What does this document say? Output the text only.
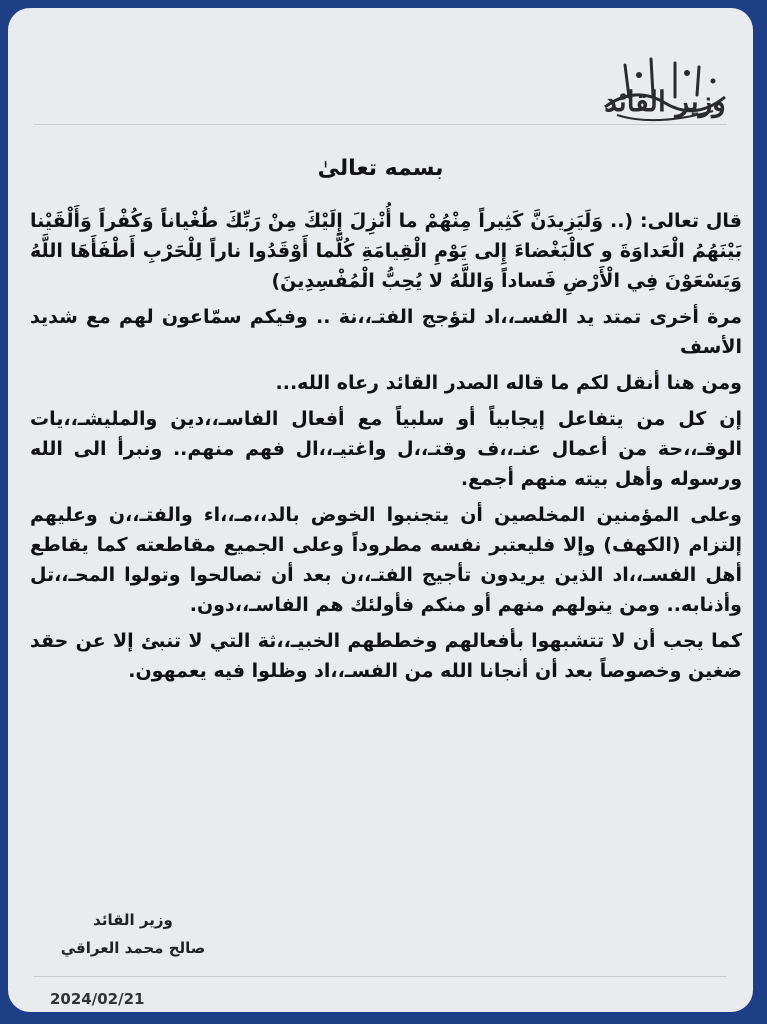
وزير القائد
بسمه تعالیٰ

قال تعالى: (.. وَلَيَزِيدَنَّ كَثِيراً مِنْهُمْ ما أُنْزِلَ إِلَيْكَ مِنْ رَبِّكَ طُغْياناً وَكُفْراً وَأَلْقَيْنا بَيْنَهُمُ الْعَداوَةَ و كالْبَغْضاءَ إِلى يَوْمِ الْقِيامَةِ كُلَّما أَوْقَدُوا ناراً لِلْحَرْبِ أَطْفَأَهَا اللَّهُ وَيَسْعَوْنَ فِي الْأَرْضِ فَساداً وَاللَّهُ لا يُحِبُّ الْمُفْسِدِينَ)

مرة أخرى تمتد يد الفسـ،،اد لتؤجج الفتـ،،نة .. وفيكم سمّاعون لهم مع شديد الأسف

ومن هنا أنقل لكم ما قاله الصدر القائد رعاه الله...

إن كل من يتفاعل إيجابياً أو سلبياً مع أفعال الفاسـ،،دين والمليشـ،،يات الوقـ،،حة من أعمال عنـ،،ف وقتـ،،ل واغتيـ،،ال فهم منهم.. ونبرأ الى الله ورسوله وأهل بيته منهم أجمع.

وعلى المؤمنين المخلصين أن يتجنبوا الخوض بالد،،مـ،،اء والفتـ،،ن وعليهم إلتزام (الكهف) وإلا فليعتبر نفسه مطروداً وعلى الجميع مقاطعته كما يقاطع أهل الفسـ،،اد الذين يريدون تأجيج الفتـ،،ن بعد أن تصالحوا وتولوا المحـ،،تل وأذنابه.. ومن يتولهم منهم أو منكم فأولئك هم الفاسـ،،دون.

كما يجب أن لا تتشبهوا بأفعالهم وخططهم الخبيـ،،ثة التي لا تنبئ إلا عن حقد ضغين وخصوصاً بعد أن أنجانا الله من الفسـ،،اد وظلوا فيه يعمهون.

وزير القائد
صالح محمد العراقي
2024/02/21
